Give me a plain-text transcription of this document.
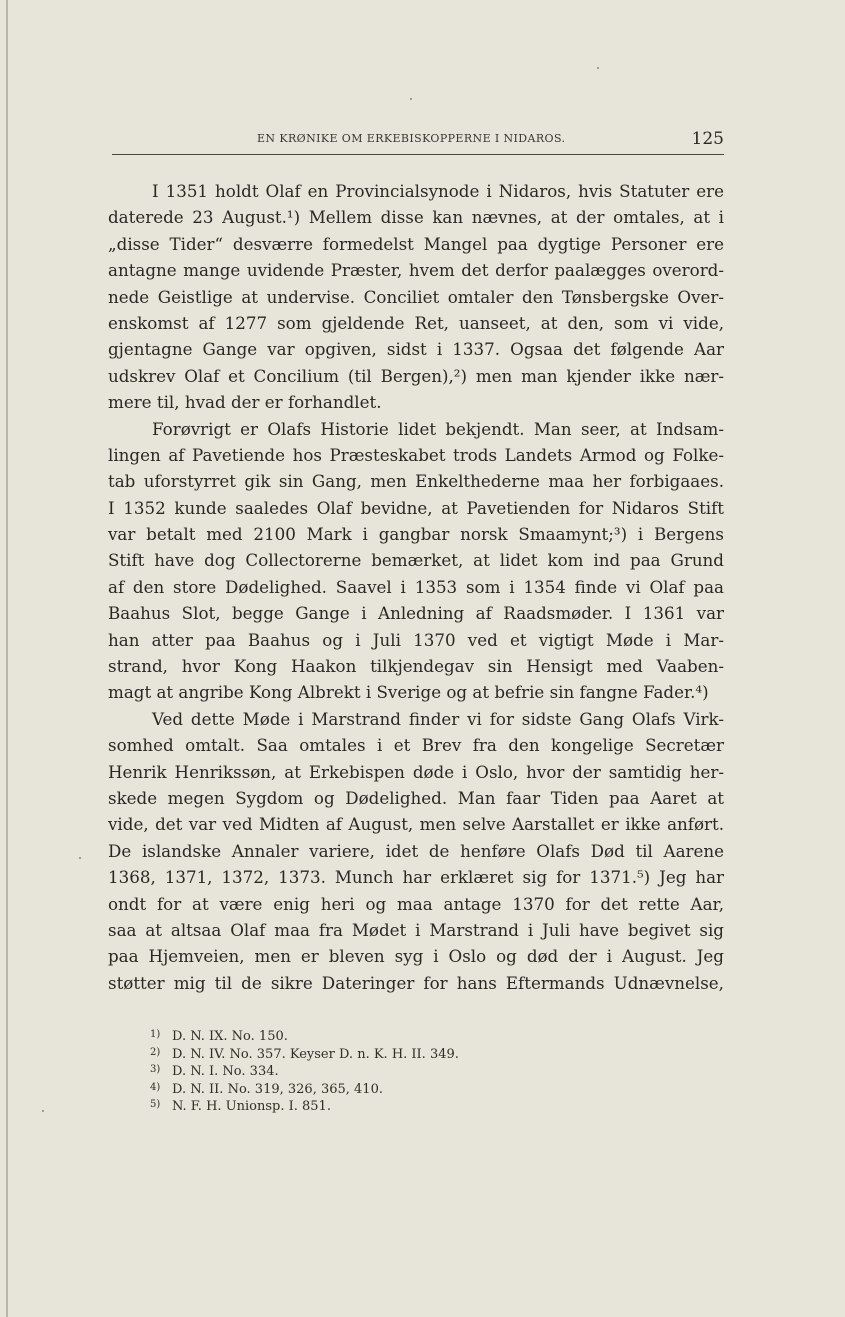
EN KRØNIKE OM ERKEBISKOPPERNE I NIDAROS.	125
I 1351 holdt Olaf en Provincialsynode i Nidaros, hvis Statuter ere
daterede 23 August.¹) Mellem disse kan nævnes, at der omtales, at i
„disse Tider“ desværre formedelst Mangel paa dygtige Personer ere
antagne mange uvidende Præster, hvem det derfor paalægges overord-
nede Geistlige at undervise. Conciliet omtaler den Tønsbergske Over-
enskomst af 1277 som gjeldende Ret, uanseet, at den, som vi vide,
gjentagne Gange var opgiven, sidst i 1337. Ogsaa det følgende Aar
udskrev Olaf et Concilium (til Bergen),²) men man kjender ikke nær-
mere til, hvad der er forhandlet.
Forøvrigt er Olafs Historie lidet bekjendt. Man seer, at Indsam-
lingen af Pavetiende hos Præsteskabet trods Landets Armod og Folke-
tab uforstyrret gik sin Gang, men Enkelthederne maa her forbigaaes.
I 1352 kunde saaledes Olaf bevidne, at Pavetienden for Nidaros Stift
var betalt med 2100 Mark i gangbar norsk Smaamynt;³) i Bergens
Stift have dog Collectorerne bemærket, at lidet kom ind paa Grund
af den store Dødelighed. Saavel i 1353 som i 1354 finde vi Olaf paa
Baahus Slot, begge Gange i Anledning af Raadsmøder. I 1361 var
han atter paa Baahus og i Juli 1370 ved et vigtigt Møde i Mar-
strand, hvor Kong Haakon tilkjendegav sin Hensigt med Vaaben-
magt at angribe Kong Albrekt i Sverige og at befrie sin fangne Fader.⁴)
Ved dette Møde i Marstrand finder vi for sidste Gang Olafs Virk-
somhed omtalt. Saa omtales i et Brev fra den kongelige Secretær
Henrik Henrikssøn, at Erkebispen døde i Oslo, hvor der samtidig her-
skede megen Sygdom og Dødelighed. Man faar Tiden paa Aaret at
vide, det var ved Midten af August, men selve Aarstallet er ikke anført.
De islandske Annaler variere, idet de henføre Olafs Død til Aarene
1368, 1371, 1372, 1373. Munch har erklæret sig for 1371.⁵) Jeg har
ondt for at være enig heri og maa antage 1370 for det rette Aar,
saa at altsaa Olaf maa fra Mødet i Marstrand i Juli have begivet sig
paa Hjemveien, men er bleven syg i Oslo og død der i August. Jeg
støtter mig til de sikre Dateringer for hans Eftermands Udnævnelse,
1) D. N. IX. No. 150.
2) D. N. IV. No. 357. Keyser D. n. K. H. II. 349.
3) D. N. I. No. 334.
4) D. N. II. No. 319, 326, 365, 410.
5) N. F. H. Unionsp. I. 851.
